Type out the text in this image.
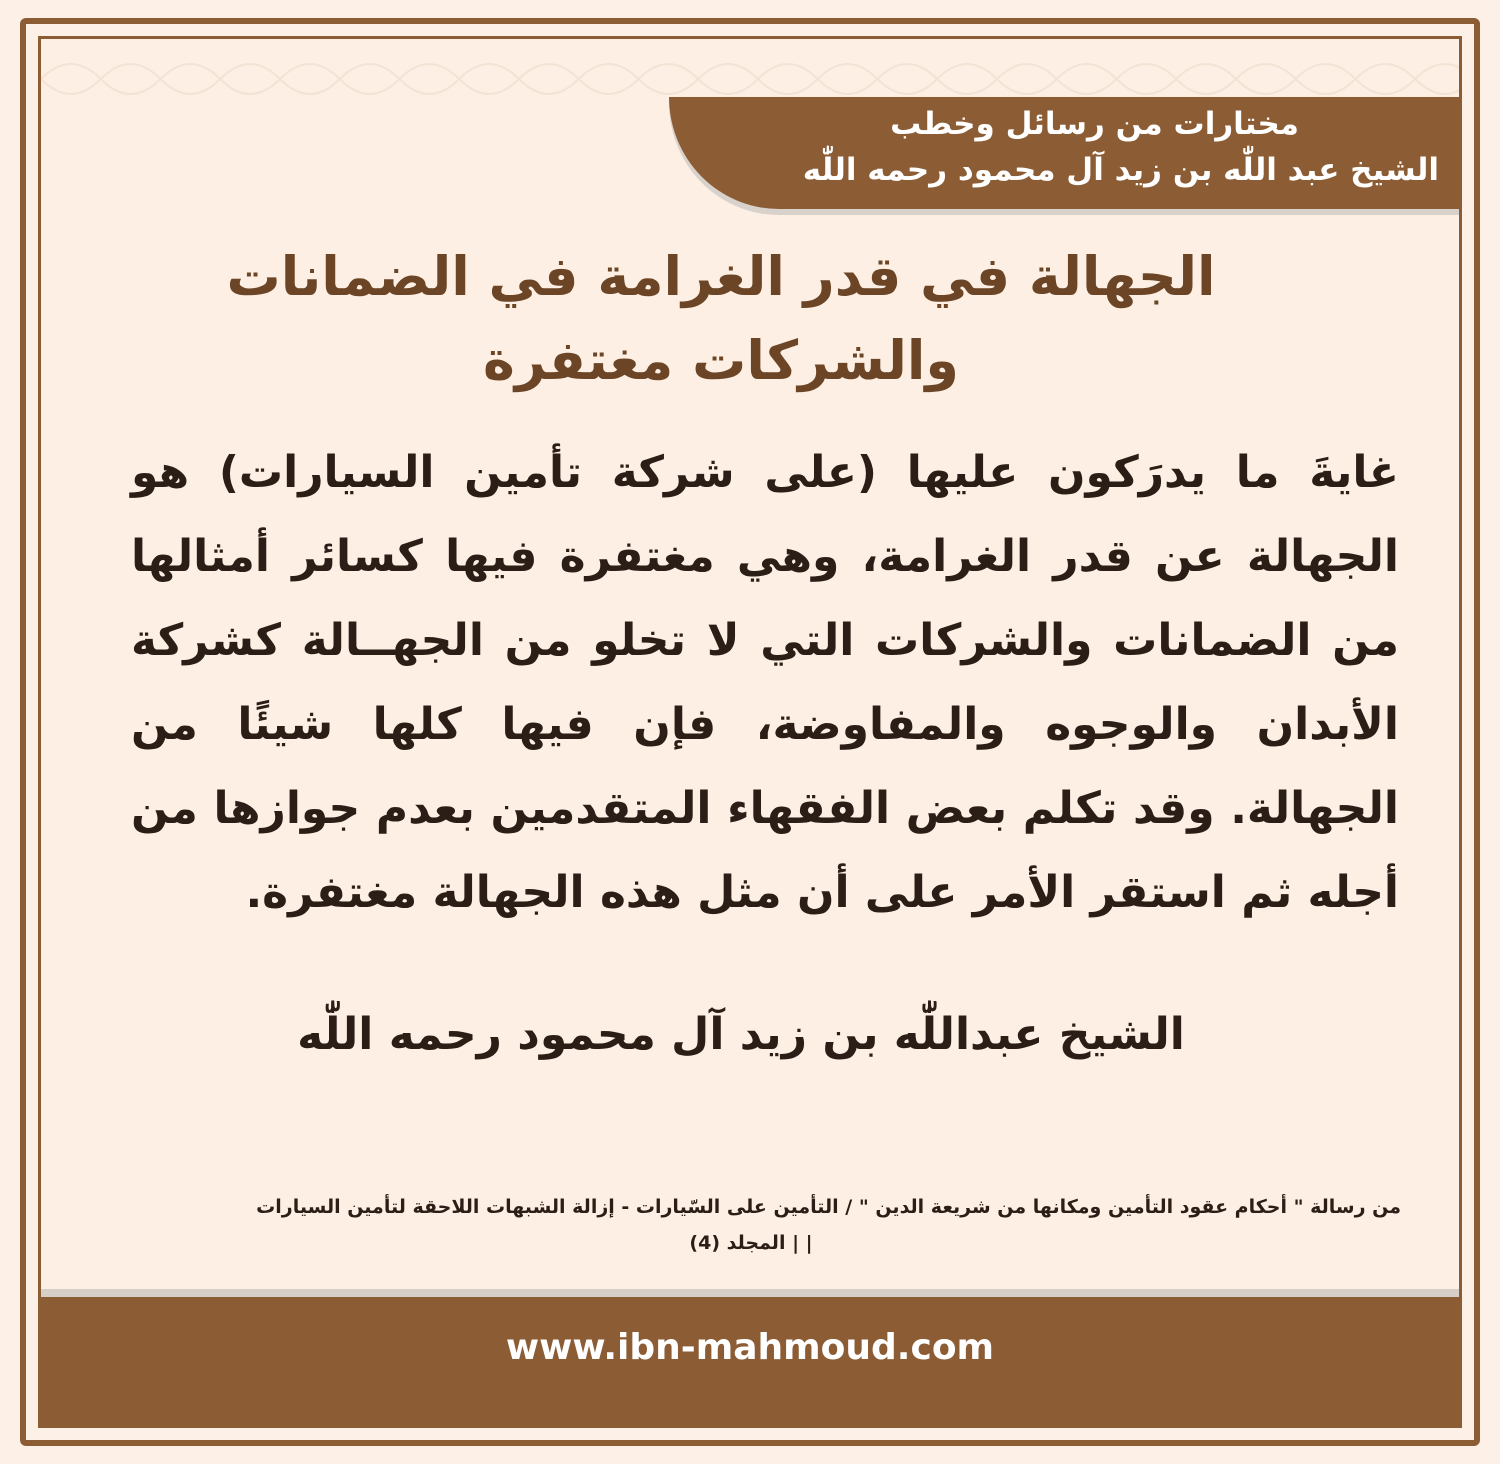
مختارات من رسائل وخطب
الشيخ عبد اللّٰه بن زيد آل محمود رحمه اللّٰه
الجهالة في قدر الغرامة في الضمانات
والشركات مغتفرة
غايةَ ما يدرَكون عليها (على شركة تأمين السيارات) هو الجهالة عن قدر الغرامة، وهي مغتفرة فيها كسائر أمثالها من الضمانات والشركات التي لا تخلو من الجهــالة كشركة الأبدان والوجوه والمفاوضة، فإن فيها كلها شيئًا من الجهالة. وقد تكلم بعض الفقهاء المتقدمين بعدم جوازها من أجله ثم استقر الأمر على أن مثل هذه الجهالة مغتفرة.
الشيخ عبداللّٰه بن زيد آل محمود رحمه اللّٰه
من رسالة " أحكام عقود التأمين ومكانها من شريعة الدين " / التأمين على السّيارات - إزالة الشبهات اللاحقة لتأمين السيارات
| | المجلد (4)
www.ibn-mahmoud.com
